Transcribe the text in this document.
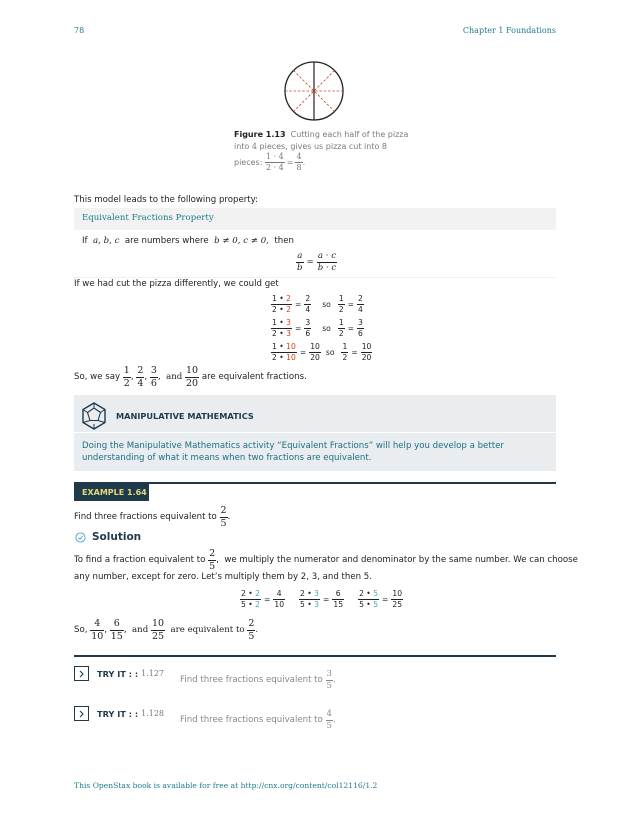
78	Chapter 1 Foundations
Figure 1.13 Cutting each half of the pizza
into 4 pieces, gives us pizza cut into 8
pieces:
$\frac{1 \cdot 4}{2 \cdot 4} = \frac{4}{8}$ .
This model leads to the following property:
Equivalent Fractions Property
If
a, b, c
are numbers where
b ≠ 0, c ≠ 0,
then
$\frac{a}{b} = \frac{a \cdot c}{b \cdot c}$
If we had cut the pizza differently, we could get
$\frac{1 • 2}{2 • 2} = \frac{2}{4}$ so $\frac{1}{2} = \frac{2}{4}$
$\frac{1 • 3}{2 • 3} = \frac{3}{6}$ so $\frac{1}{2} = \frac{3}{6}$
$\frac{1 • 10}{2 • 10} = \frac{10}{20}$ so $\frac{1}{2} = \frac{10}{20}$
So, we say
$\frac{1}{2}$ , $\frac{2}{4}$ , $\frac{3}{6}$ , and
$\frac{10}{20}$
are equivalent fractions.
MANIPULATIVE MATHEMATICS
Doing the Manipulative Mathematics activity “Equivalent Fractions” will help you develop a better understanding of what it means when two fractions are equivalent.
EXAMPLE 1.64
Find three fractions equivalent to
$\frac{2}{5}$ .
Solution
To find a fraction equivalent to
$\frac{2}{5}$ , we multiply the numerator and denominator by the same number. We can choose
any number, except for zero. Let’s multiply them by 2, 3, and then 5.
$\frac{2 • 2}{5 • 2} = \frac{4}{10} \frac{2 • 3}{5 • 3} = \frac{6}{15} \frac{2 • 5}{5 • 5} = \frac{10}{25}$
So,
$\frac{4}{10}$ , $\frac{6}{15}$ , and
$\frac{10}{25}$
are equivalent to
$\frac{2}{5}$ .
TRY IT : : 1.127
Find three fractions equivalent to
$\frac{3}{5}$ .
TRY IT : : 1.128
Find three fractions equivalent to
$\frac{4}{5}$ .
This OpenStax book is available for free at http://cnx.org/content/col12116/1.2
